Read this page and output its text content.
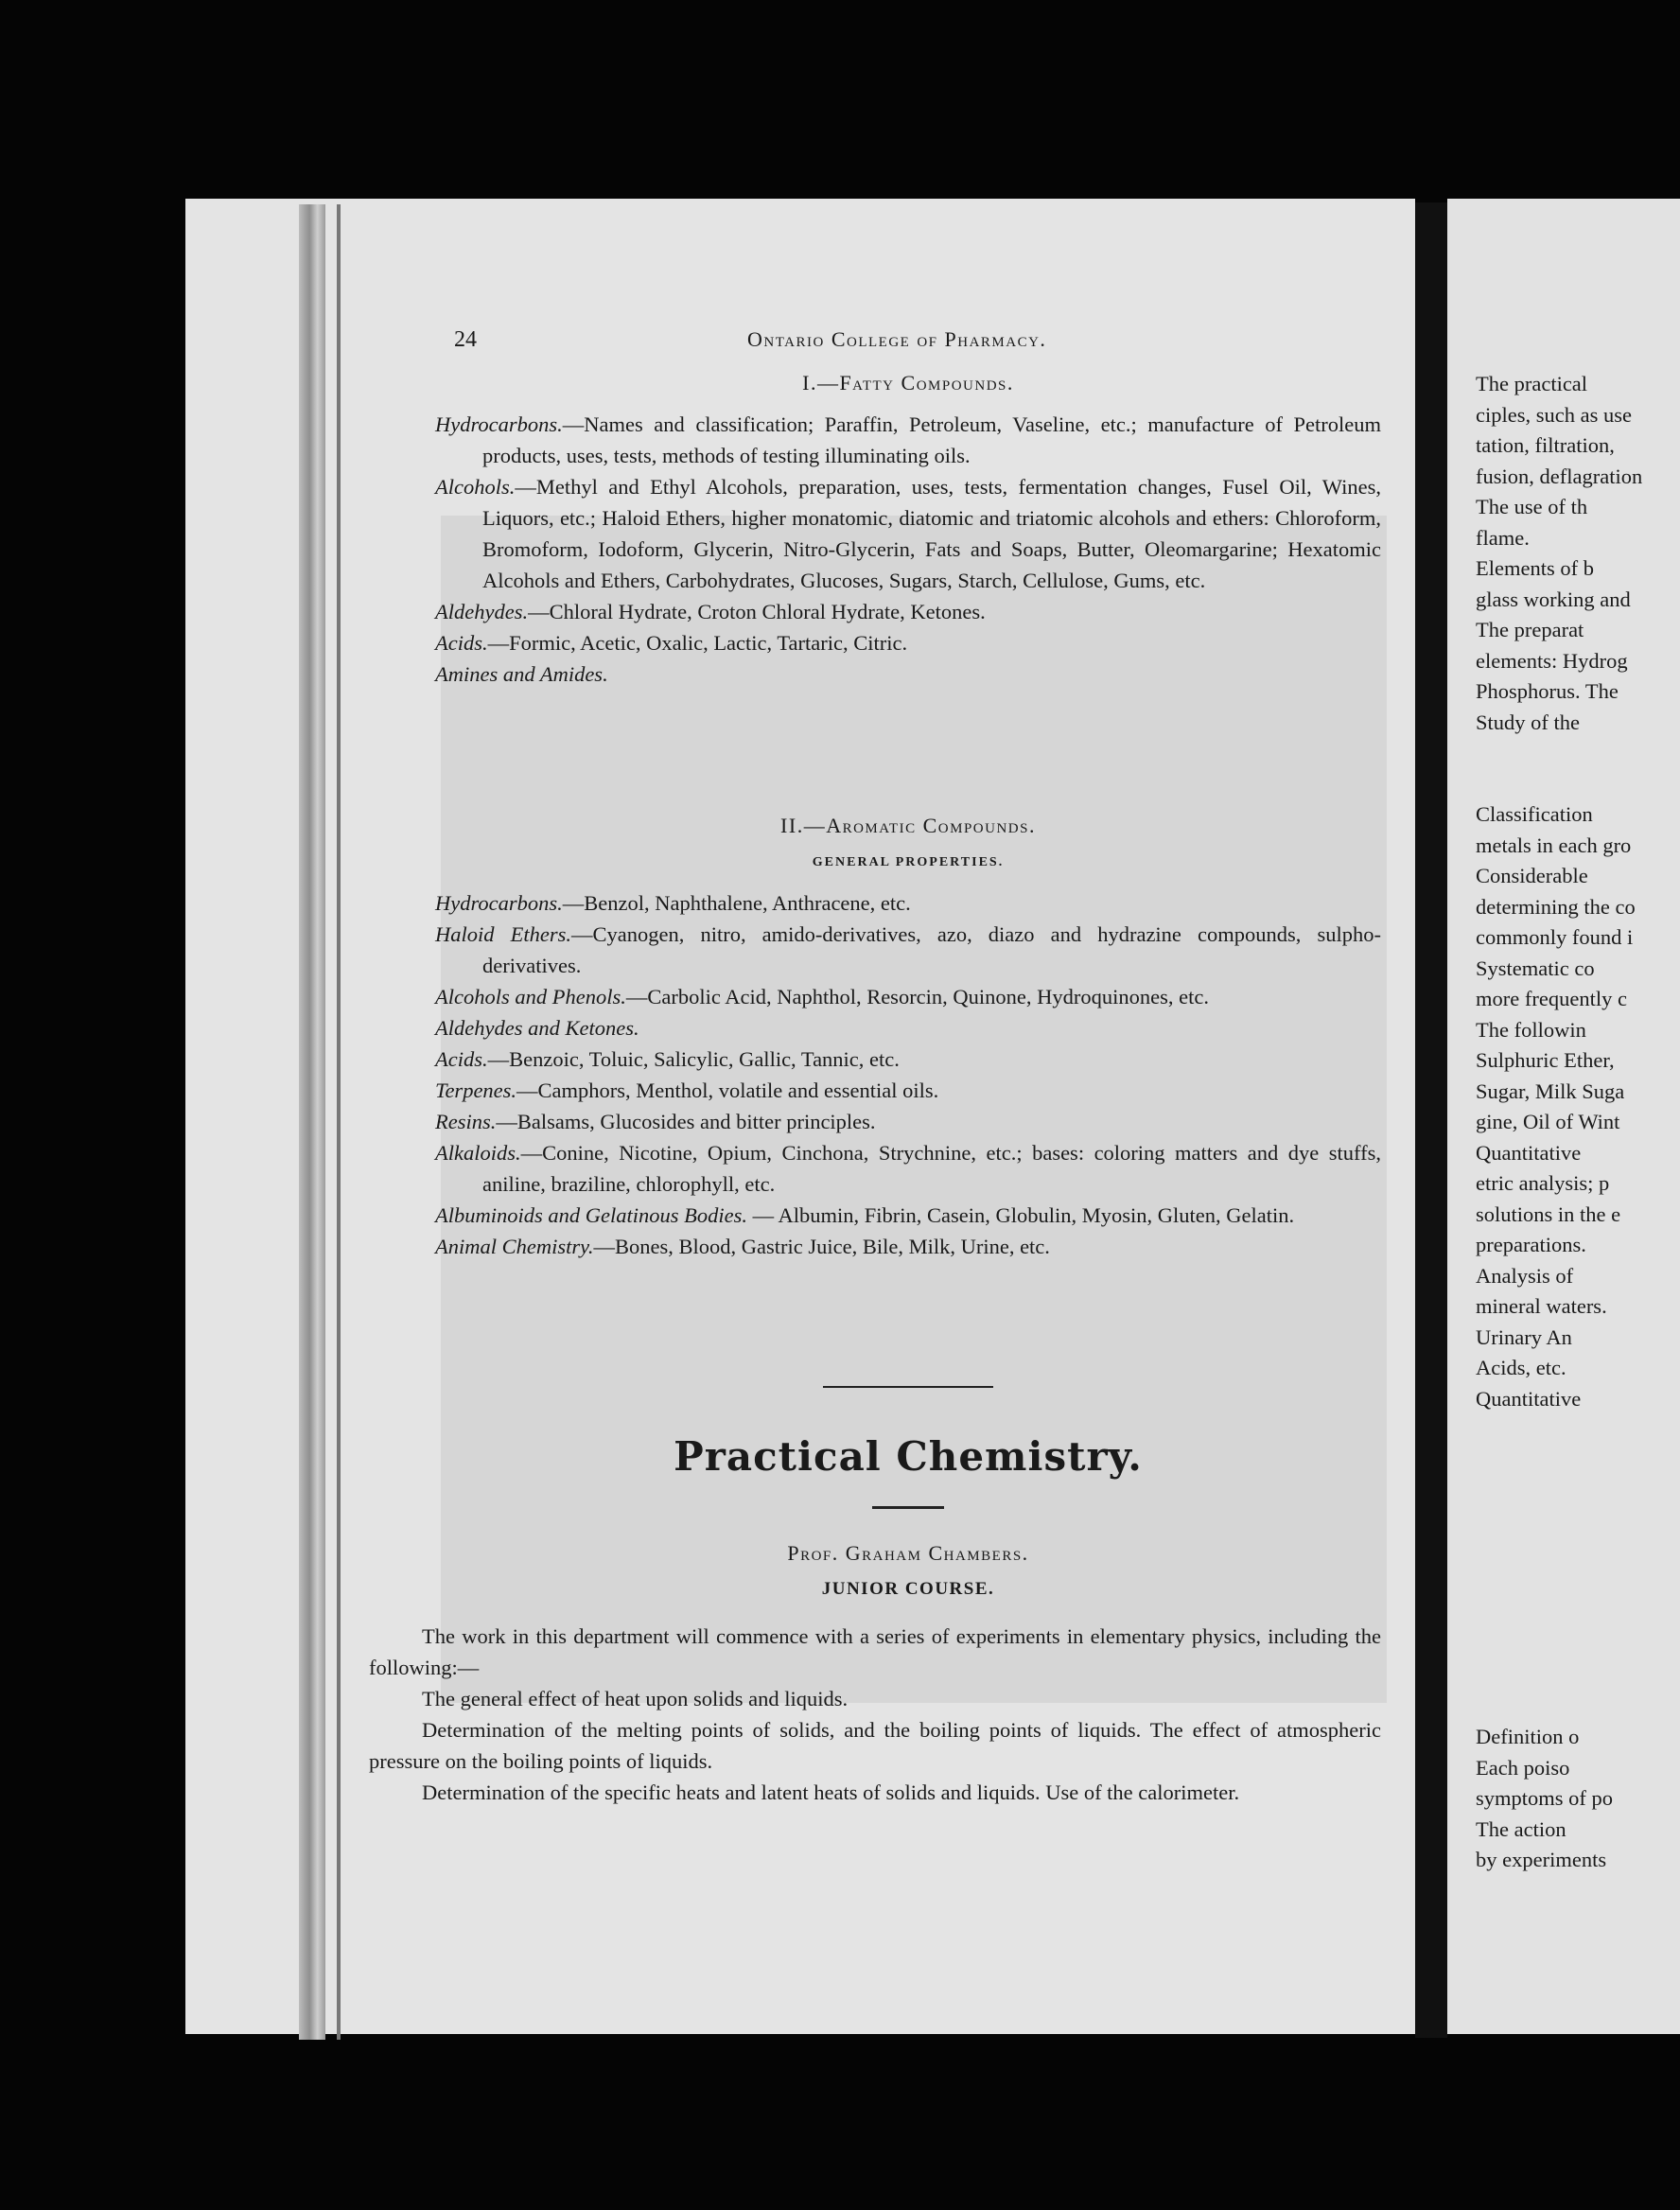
24	Ontario College of Pharmacy.
I.—Fatty Compounds.
Hydrocarbons.—Names and classification; Paraffin, Petroleum, Vaseline, etc.; manufacture of Petroleum products, uses, tests, methods of testing illuminating oils.
Alcohols.—Methyl and Ethyl Alcohols, preparation, uses, tests, fermentation changes, Fusel Oil, Wines, Liquors, etc.; Haloid Ethers, higher monatomic, diatomic and triatomic alcohols and ethers: Chloroform, Bromoform, Iodoform, Glycerin, Nitro-Glycerin, Fats and Soaps, Butter, Oleomargarine; Hexatomic Alcohols and Ethers, Carbohydrates, Glucoses, Sugars, Starch, Cellulose, Gums, etc.
Aldehydes.—Chloral Hydrate, Croton Chloral Hydrate, Ketones.
Acids.—Formic, Acetic, Oxalic, Lactic, Tartaric, Citric.
Amines and Amides.
II.—Aromatic Compounds.
GENERAL PROPERTIES.
Hydrocarbons.—Benzol, Naphthalene, Anthracene, etc.
Haloid Ethers.—Cyanogen, nitro, amido-derivatives, azo, diazo and hydrazine compounds, sulpho-derivatives.
Alcohols and Phenols.—Carbolic Acid, Naphthol, Resorcin, Quinone, Hydroquinones, etc.
Aldehydes and Ketones.
Acids.—Benzoic, Toluic, Salicylic, Gallic, Tannic, etc.
Terpenes.—Camphors, Menthol, volatile and essential oils.
Resins.—Balsams, Glucosides and bitter principles.
Alkaloids.—Conine, Nicotine, Opium, Cinchona, Strychnine, etc.; bases: coloring matters and dye stuffs, aniline, braziline, chlorophyll, etc.
Albuminoids and Gelatinous Bodies. — Albumin, Fibrin, Casein, Globulin, Myosin, Gluten, Gelatin.
Animal Chemistry.—Bones, Blood, Gastric Juice, Bile, Milk, Urine, etc.
Practical Chemistry.
Prof. Graham Chambers.
JUNIOR COURSE.
The work in this department will commence with a series of experiments in elementary physics, including the following:—
The general effect of heat upon solids and liquids.
Determination of the melting points of solids, and the boiling points of liquids. The effect of atmospheric pressure on the boiling points of liquids.
Determination of the specific heats and latent heats of solids and liquids. Use of the calorimeter.
The practical
ciples, such as use
tation, filtration,
fusion, deflagration
The use of th
flame.
Elements of b
glass working and
The preparat
elements: Hydrog
Phosphorus. The
Study of the
Classification
metals in each gro
Considerable
determining the co
commonly found i
Systematic co
more frequently c
The followin
Sulphuric Ether,
Sugar, Milk Suga
gine, Oil of Wint
Quantitative
etric analysis; p
solutions in the e
preparations.
Analysis of
mineral waters.
Urinary An
Acids, etc.
Quantitative
Definition o
Each poiso
symptoms of po
The action
by experiments
